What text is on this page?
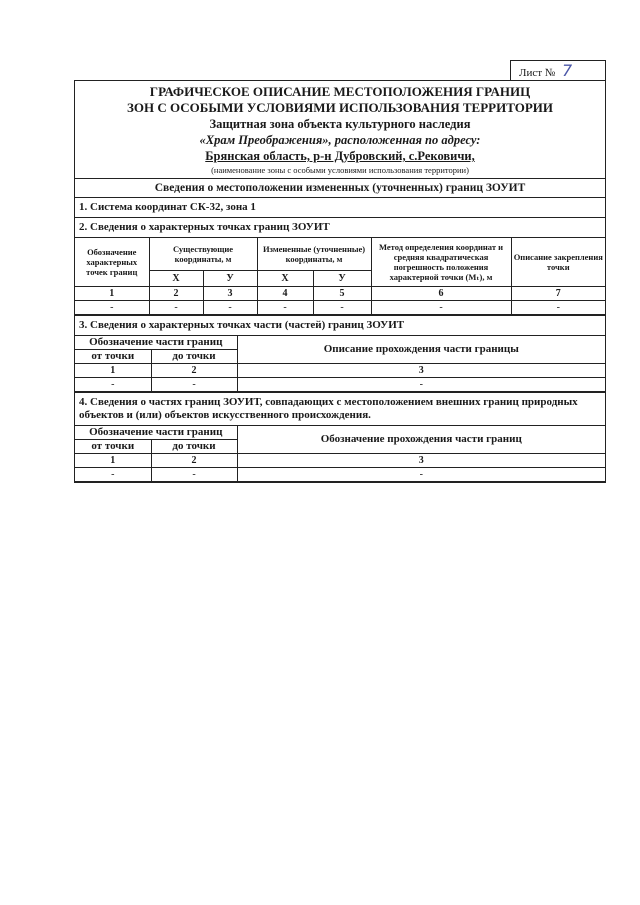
Лист № 7
ГРАФИЧЕСКОЕ ОПИСАНИЕ МЕСТОПОЛОЖЕНИЯ ГРАНИЦ
ЗОН С ОСОБЫМИ УСЛОВИЯМИ ИСПОЛЬЗОВАНИЯ ТЕРРИТОРИИ
Защитная зона объекта культурного наследия
«Храм Преображения», расположенная по адресу:
Брянская область, р-н Дубровский, с.Рековичи,
(наименование зоны с особыми условиями использования территории)
Сведения о местоположении измененных (уточненных) границ ЗОУИТ
1. Система координат СК-32, зона 1
2. Сведения о характерных точках границ ЗОУИТ
Обозначение характерных точек границ	Существующие координаты, м		Измененные (уточненные) координаты, м		Метод определения координат и средняя квадратическая погрешность положения характерной точки (Mₜ), м	Описание закрепления точки
	X	У	X	У		
1	2	3	4	5	6	7
-	-	-	-	-	-	-
3. Сведения о характерных точках части (частей) границ ЗОУИТ
Обозначение части границ		Описание прохождения части границы
от точки	до точки	
1	2	3
-	-	-
4. Сведения о частях границ ЗОУИТ, совпадающих с местоположением внешних границ природных объектов и (или) объектов искусственного происхождения.
Обозначение части границ		Обозначение прохождения части границ
от точки	до точки	
1	2	3
-	-	-
